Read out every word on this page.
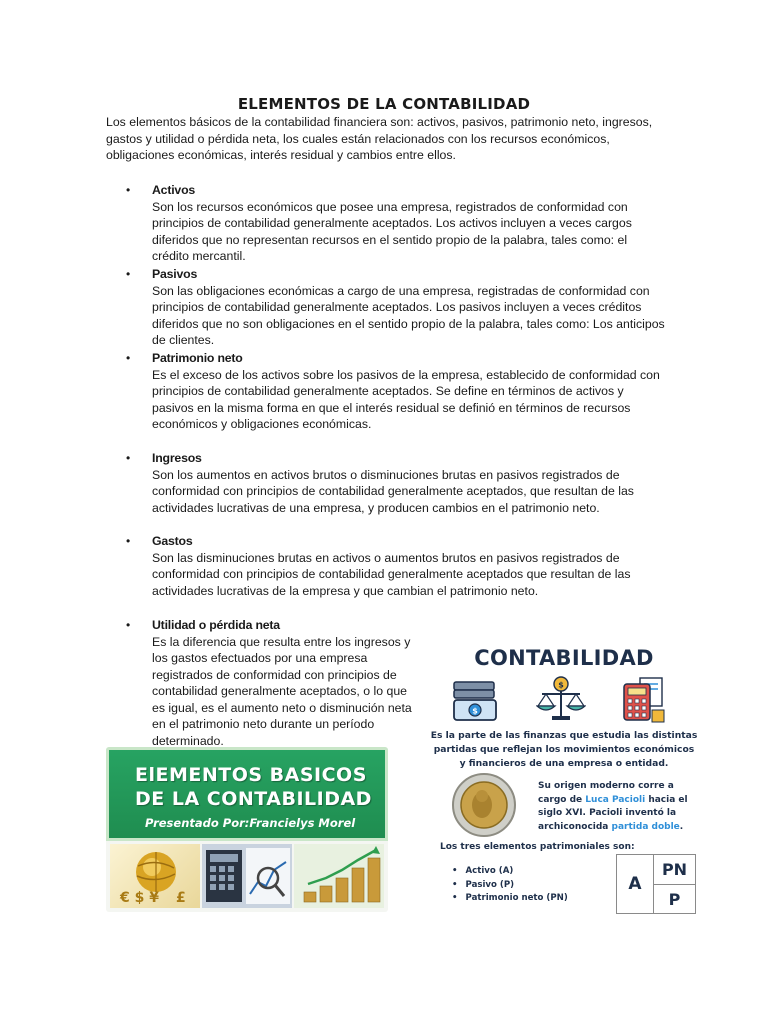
ELEMENTOS DE LA CONTABILIDAD
Los elementos básicos de la contabilidad financiera son: activos, pasivos, patrimonio neto, ingresos, gastos y utilidad o pérdida neta, los cuales están relacionados con los recursos económicos, obligaciones económicas, interés residual y cambios entre ellos.
• Activos
Son los recursos económicos que posee una empresa, registrados de conformidad con principios de contabilidad generalmente aceptados. Los activos incluyen a veces cargos diferidos que no representan recursos en el sentido propio de la palabra, tales como: el crédito mercantil.
• Pasivos
Son las obligaciones económicas a cargo de una empresa, registradas de conformidad con principios de contabilidad generalmente aceptados. Los pasivos incluyen a veces créditos diferidos que no son obligaciones en el sentido propio de la palabra, tales como: Los anticipos de clientes.
• Patrimonio neto
Es el exceso de los activos sobre los pasivos de la empresa, establecido de conformidad con principios de contabilidad generalmente aceptados. Se define en términos de activos y pasivos en la misma forma en que el interés residual se definió en términos de recursos económicos y obligaciones económicas.
• Ingresos
Son los aumentos en activos brutos o disminuciones brutas en pasivos registrados de conformidad con principios de contabilidad generalmente aceptados, que resultan de las actividades lucrativas de una empresa, y producen cambios en el patrimonio neto.
• Gastos
Son las disminuciones brutas en activos o aumentos brutos en pasivos registrados de conformidad con principios de contabilidad generalmente aceptados que resultan de las actividades lucrativas de la empresa y que cambian el patrimonio neto.
• Utilidad o pérdida neta
Es la diferencia que resulta entre los ingresos y los gastos efectuados por una empresa registrados de conformidad con principios de contabilidad generalmente aceptados, o lo que es igual, es el aumento neto o disminución neta en el patrimonio neto durante un período determinado.
ElEMENTOS BASICOS
DE LA CONTABILIDAD
Presentado Por:Francielys Morel
€ $ ¥ £
CONTABILIDAD
$
$
Es la parte de las finanzas que estudia las distintas partidas que reflejan los movimientos económicos y financieros de una empresa o entidad.
Su origen moderno corre a cargo de Luca Pacioli hacia el siglo XVI. Pacioli inventó la archiconocida partida doble.
Los tres elementos patrimoniales son:
• Activo (A)
• Pasivo (P)
• Patrimonio neto (PN)
A
PN
P
